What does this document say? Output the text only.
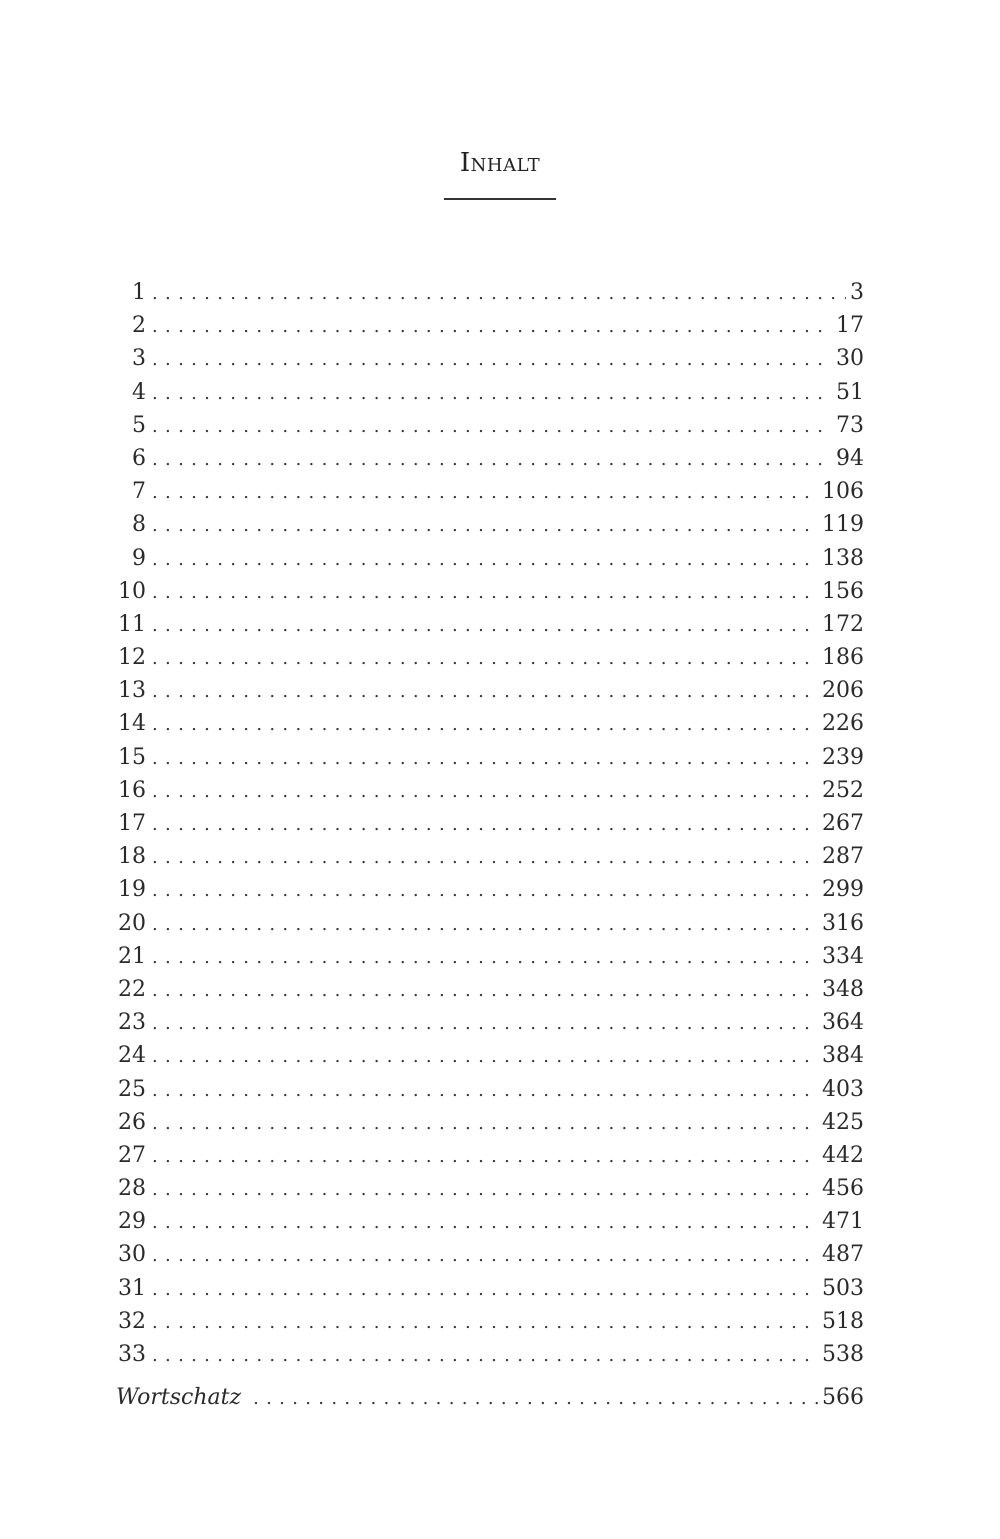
Inhalt
1 . . .	3
2 . . .	17
3 . . .	30
4 . . .	51
5 . . .	73
6 . . .	94
7 . . .	106
8 . . .	119
9 . . .	138
10 . . .	156
11 . . .	172
12 . . .	186
13 . . .	206
14 . . .	226
15 . . .	239
16 . . .	252
17 . . .	267
18 . . .	287
19 . . .	299
20 . . .	316
21 . . .	334
22 . . .	348
23 . . .	364
24 . . .	384
25 . . .	403
26 . . .	425
27 . . .	442
28 . . .	456
29 . . .	471
30 . . .	487
31 . . .	503
32 . . .	518
33 . . .	538
Wortschatz . . .	566
